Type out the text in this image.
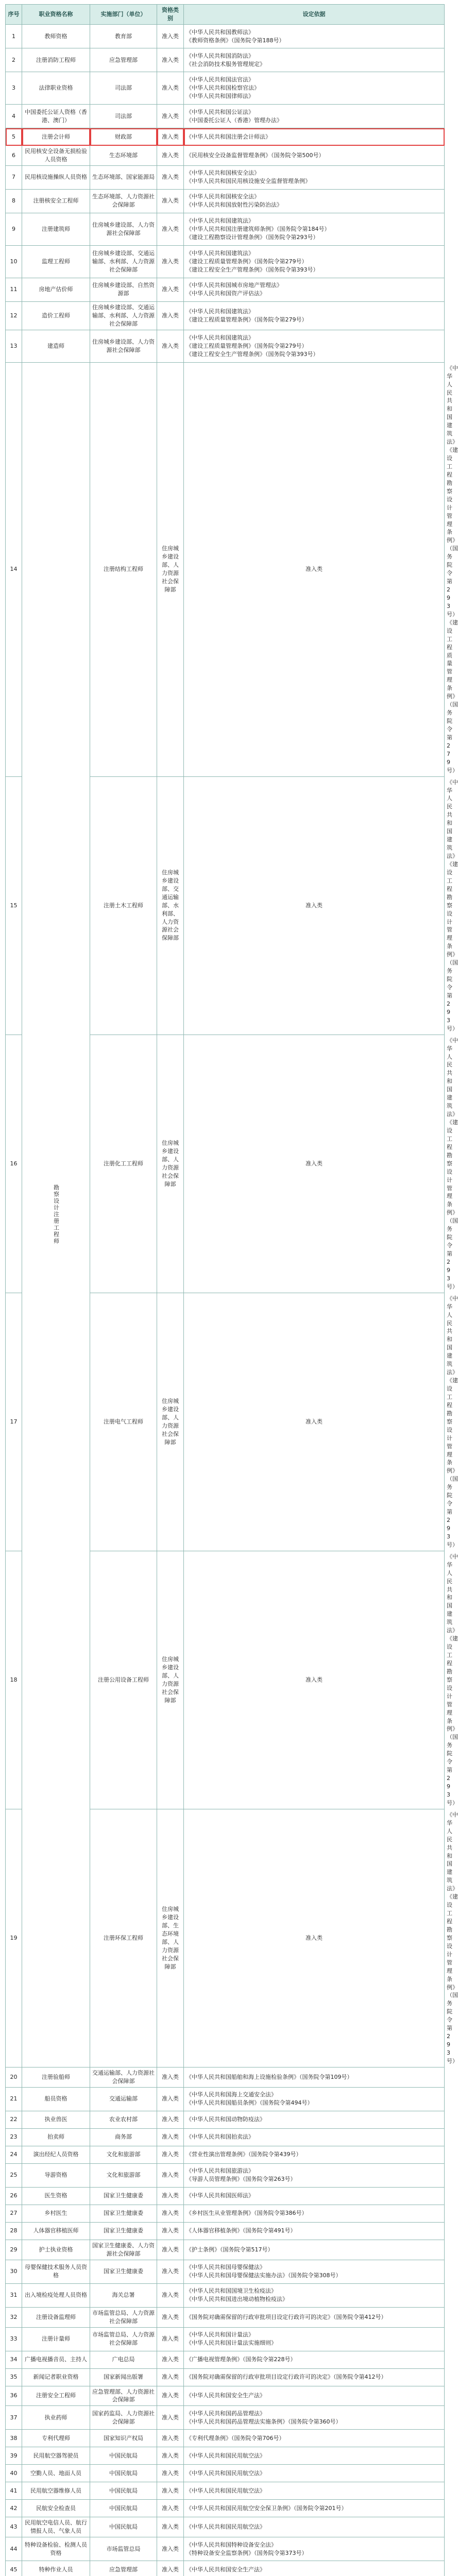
序号	职业资格名称	实施部门（单位）	资格类别	设定依据	
1	教师资格	教育部	准入类	《中华人民共和国教师法》
《教师资格条例》（国务院令第188号）	
2	注册消防工程师	应急管理部	准入类	《中华人民共和国消防法》
《社会消防技术服务管理规定》	
3	法律职业资格	司法部	准入类	《中华人民共和国法官法》
《中华人民共和国检察官法》
《中华人民共和国律师法》	
4	中国委托公证人资格（香港、澳门）	司法部	准入类	《中华人民共和国公证法》
《中国委托公证人（香港）管理办法》	
5	注册会计师	财政部	准入类	《中华人民共和国注册会计师法》	
6	民用核安全设备无损检验人员资格	生态环境部	准入类	《民用核安全设备监督管理条例》（国务院令第500号）	
7	民用核设施操纵人员资格	生态环境部、国家能源局	准入类	《中华人民共和国核安全法》
《中华人民共和国民用核设施安全监督管理条例》	
8	注册核安全工程师	生态环境部、人力资源社会保障部	准入类	《中华人民共和国核安全法》
《中华人民共和国放射性污染防治法》	
9	注册建筑师	住房城乡建设部、人力资源社会保障部	准入类	《中华人民共和国建筑法》
《中华人民共和国注册建筑师条例》（国务院令第184号）
《建设工程勘察设计管理条例》（国务院令第293号）	
10	监理工程师	住房城乡建设部、交通运输部、水利部、人力资源社会保障部	准入类	《中华人民共和国建筑法》
《建设工程质量管理条例》（国务院令第279号）
《建设工程安全生产管理条例》（国务院令第393号）	
11	房地产估价师	住房城乡建设部、自然资源部	准入类	《中华人民共和国城市房地产管理法》
《中华人民共和国资产评估法》	
12	造价工程师	住房城乡建设部、交通运输部、水利部、人力资源社会保障部	准入类	《中华人民共和国建筑法》
《建设工程质量管理条例》（国务院令第279号）	
13	建造师	住房城乡建设部、人力资源社会保障部	准入类	《中华人民共和国建筑法》
《建设工程质量管理条例》（国务院令第279号）
《建设工程安全生产管理条例》（国务院令第393号）	
14	勘察设计注册工程师	注册结构工程师	住房城乡建设部、人力资源社会保障部	准入类	《中华人民共和国建筑法》
《建设工程勘察设计管理条例》（国务院令第293号）
《建设工程质量管理条例》（国务院令第279号）
15		注册土木工程师	住房城乡建设部、交通运输部、水利部、人力资源社会保障部	准入类	《中华人民共和国建筑法》
《建设工程勘察设计管理条例》（国务院令第293号）
16		注册化工工程师	住房城乡建设部、人力资源社会保障部	准入类	《中华人民共和国建筑法》
《建设工程勘察设计管理条例》（国务院令第293号）
17		注册电气工程师	住房城乡建设部、人力资源社会保障部	准入类	《中华人民共和国建筑法》
《建设工程勘察设计管理条例》（国务院令第293号）
18		注册公用设备工程师	住房城乡建设部、人力资源社会保障部	准入类	《中华人民共和国建筑法》
《建设工程勘察设计管理条例》（国务院令第293号）
19		注册环保工程师	住房城乡建设部、生态环境部、人力资源社会保障部	准入类	《中华人民共和国建筑法》
《建设工程勘察设计管理条例》（国务院令第293号）
20	注册验船师	交通运输部、人力资源社会保障部	准入类	《中华人民共和国船舶和海上设施检验条例》（国务院令第109号）	
21	船员资格	交通运输部	准入类	《中华人民共和国海上交通安全法》
《中华人民共和国船员条例》（国务院令第494号）	
22	执业兽医	农业农村部	准入类	《中华人民共和国动物防疫法》	
23	拍卖师	商务部	准入类	《中华人民共和国拍卖法》	
24	演出经纪人员资格	文化和旅游部	准入类	《营业性演出管理条例》（国务院令第439号）	
25	导游资格	文化和旅游部	准入类	《中华人民共和国旅游法》
《导游人员管理条例》（国务院令第263号）	
26	医生资格	国家卫生健康委	准入类	《中华人民共和国医师法》	
27	乡村医生	国家卫生健康委	准入类	《乡村医生从业管理条例》（国务院令第386号）	
28	人体器官移植医师	国家卫生健康委	准入类	《人体器官移植条例》（国务院令第491号）	
29	护士执业资格	国家卫生健康委、人力资源社会保障部	准入类	《护士条例》（国务院令第517号）	
30	母婴保健技术服务人员资格	国家卫生健康委	准入类	《中华人民共和国母婴保健法》
《中华人民共和国母婴保健法实施办法》（国务院令第308号）	
31	出入境检疫处理人员资格	海关总署	准入类	《中华人民共和国国境卫生检疫法》
《中华人民共和国进出境动植物检疫法》	
32	注册设备监理师	市场监管总局、人力资源社会保障部	准入类	《国务院对确需保留的行政审批项目设定行政许可的决定》（国务院令第412号）	
33	注册计量师	市场监管总局、人力资源社会保障部	准入类	《中华人民共和国计量法》
《中华人民共和国计量法实施细则》	
34	广播电视播音员、主持人	广电总局	准入类	《广播电视管理条例》（国务院令第228号）	
35	新闻记者职业资格	国家新闻出版署	准入类	《国务院对确需保留的行政审批项目设定行政许可的决定》（国务院令第412号）	
36	注册安全工程师	应急管理部、人力资源社会保障部	准入类	《中华人民共和国安全生产法》	
37	执业药师	国家药监局、人力资源社会保障部	准入类	《中华人民共和国药品管理法》
《中华人民共和国药品管理法实施条例》（国务院令第360号）	
38	专利代理师	国家知识产权局	准入类	《专利代理条例》（国务院令第706号）	
39	民用航空器驾驶员	中国民航局	准入类	《中华人民共和国民用航空法》	
40	空勤人员、地面人员	中国民航局	准入类	《中华人民共和国民用航空法》	
41	民用航空器维修人员	中国民航局	准入类	《中华人民共和国民用航空法》	
42	民航安全检查员	中国民航局	准入类	《中华人民共和国民用航空安全保卫条例》（国务院令第201号）	
43	民用航空电信人员、航行情报人员、气象人员	中国民航局	准入类	《中华人民共和国民用航空法》	
44	特种设备检验、检测人员资格	市场监管总局	准入类	《中华人民共和国特种设备安全法》
《特种设备安全监察条例》（国务院令第373号）	
45	特种作业人员	应急管理部	准入类	《中华人民共和国安全生产法》	
